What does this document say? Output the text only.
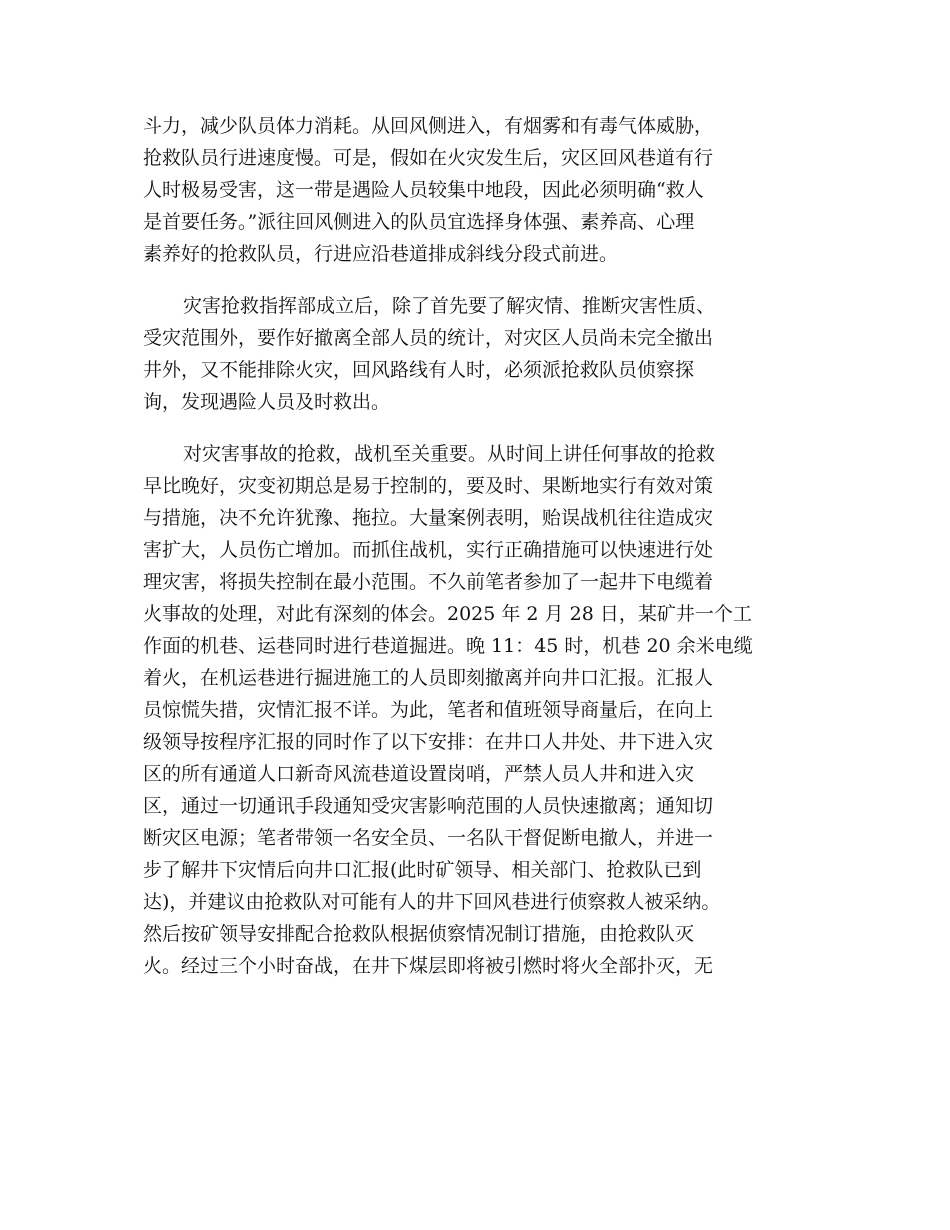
斗力，减少队员体力消耗。从回风侧进入，有烟雾和有毒气体威胁，
抢救队员行进速度慢。可是，假如在火灾发生后，灾区回风巷道有行
人时极易受害，这一带是遇险人员较集中地段，因此必须明确“救人
是首要任务。”派往回风侧进入的队员宜选择身体强、素养高、心理
素养好的抢救队员，行进应沿巷道排成斜线分段式前进。
灾害抢救指挥部成立后，除了首先要了解灾情、推断灾害性质、
受灾范围外，要作好撤离全部人员的统计，对灾区人员尚未完全撤出
井外，又不能排除火灾，回风路线有人时，必须派抢救队员侦察探
询，发现遇险人员及时救出。
对灾害事故的抢救，战机至关重要。从时间上讲任何事故的抢救
早比晚好，灾变初期总是易于控制的，要及时、果断地实行有效对策
与措施，决不允许犹豫、拖拉。大量案例表明，贻误战机往往造成灾
害扩大，人员伤亡增加。而抓住战机，实行正确措施可以快速进行处
理灾害，将损失控制在最小范围。不久前笔者参加了一起井下电缆着
火事故的处理，对此有深刻的体会。2025 年 2 月 28 日，某矿井一个工
作面的机巷、运巷同时进行巷道掘进。晚 11：45 时，机巷 20 余米电缆
着火，在机运巷进行掘进施工的人员即刻撤离并向井口汇报。汇报人
员惊慌失措，灾情汇报不详。为此，笔者和值班领导商量后，在向上
级领导按程序汇报的同时作了以下安排：在井口人井处、井下进入灾
区的所有通道人口新奇风流巷道设置岗哨，严禁人员人井和进入灾
区，通过一切通讯手段通知受灾害影响范围的人员快速撤离；通知切
断灾区电源；笔者带领一名安全员、一名队干督促断电撤人，并进一
步了解井下灾情后向井口汇报(此时矿领导、相关部门、抢救队已到
达)，并建议由抢救队对可能有人的井下回风巷进行侦察救人被采纳。
然后按矿领导安排配合抢救队根据侦察情况制订措施，由抢救队灭
火。经过三个小时奋战，在井下煤层即将被引燃时将火全部扑灭，无
